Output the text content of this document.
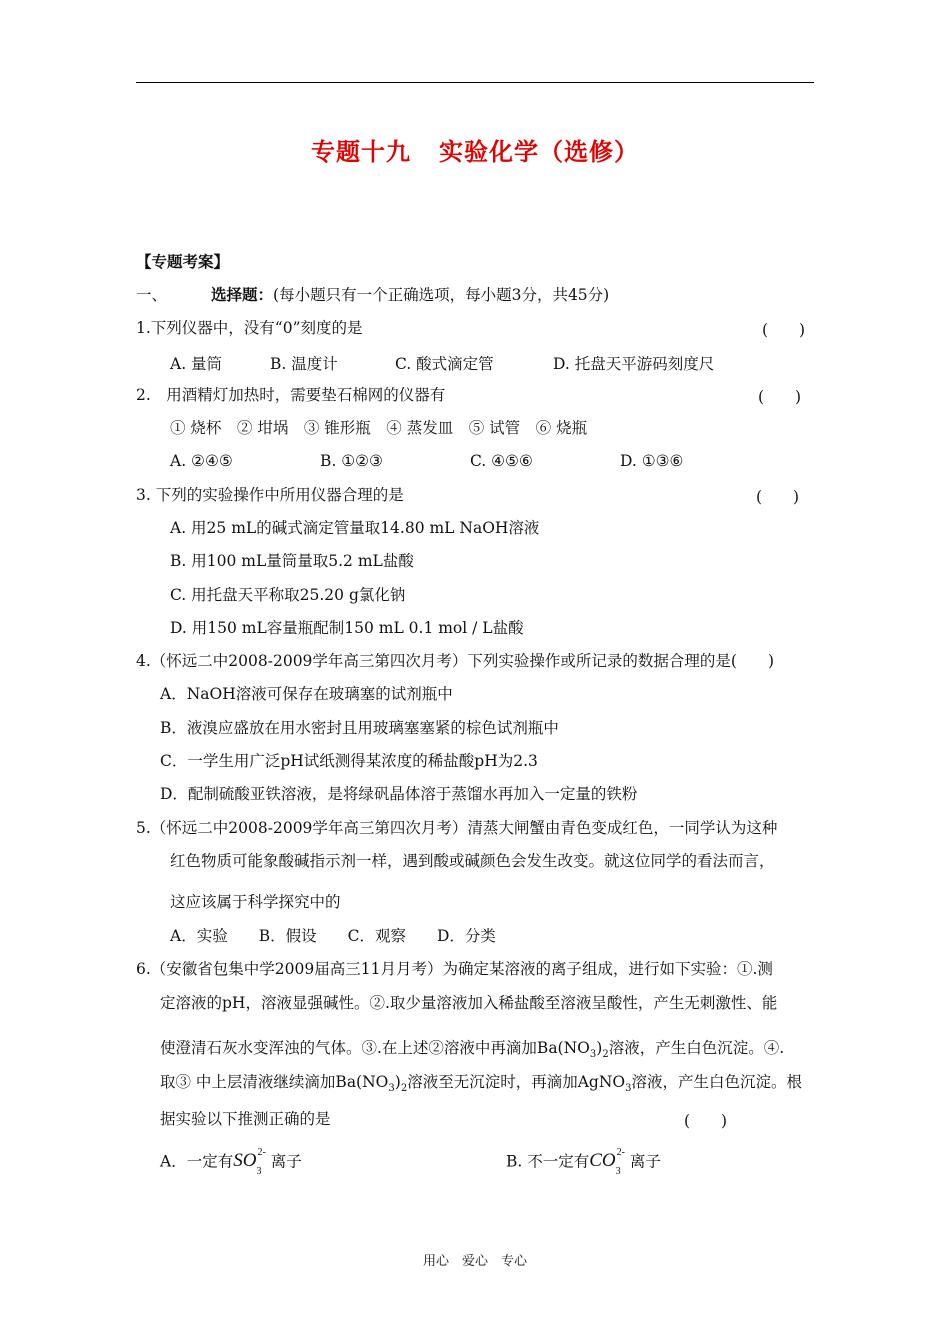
专题十九 实验化学（选修）
【专题考案】
一、	选择题：(每小题只有一个正确选项，每小题3分，共45分)
1.下列仪器中，没有“0”刻度的是	(　　)
A. 量筒	B. 温度计	C. 酸式滴定管	D. 托盘天平游码刻度尺
2.　用酒精灯加热时，需要垫石棉网的仪器有	(　　)
① 烧杯　② 坩埚　③ 锥形瓶　④ 蒸发皿　⑤ 试管　⑥ 烧瓶
A. ②④⑤	B. ①②③	C. ④⑤⑥	D. ①③⑥
3. 下列的实验操作中所用仪器合理的是	(　　)
A. 用25 mL的碱式滴定管量取14.80 mL NaOH溶液
B. 用100 mL量筒量取5.2 mL盐酸
C. 用托盘天平称取25.20 g氯化钠
D. 用150 mL容量瓶配制150 mL 0.1 mol / L盐酸
4.（怀远二中2008-2009学年高三第四次月考）下列实验操作或所记录的数据合理的是(　　)
A．NaOH溶液可保存在玻璃塞的试剂瓶中
B．液溴应盛放在用水密封且用玻璃塞塞紧的棕色试剂瓶中
C．一学生用广泛pH试纸测得某浓度的稀盐酸pH为2.3
D．配制硫酸亚铁溶液，是将绿矾晶体溶于蒸馏水再加入一定量的铁粉
5.（怀远二中2008-2009学年高三第四次月考）清蒸大闸蟹由青色变成红色，一同学认为这种
红色物质可能象酸碱指示剂一样，遇到酸或碱颜色会发生改变。就这位同学的看法而言，
这应该属于科学探究中的
A．实验　　B．假设　　C．观察　　D．分类
6.（安徽省包集中学2009届高三11月月考）为确定某溶液的离子组成，进行如下实验：①.测
定溶液的pH，溶液显强碱性。②.取少量溶液加入稀盐酸至溶液呈酸性，产生无刺激性、能
使澄清石灰水变浑浊的气体。③.在上述②溶液中再滴加$Ba(NO_3)_2$溶液，产生白色沉淀。④.
取③ 中上层清液继续滴加$Ba(NO_3)_2$溶液至无沉淀时，再滴加AgNO$_3$溶液，产生白色沉淀。根
据实验以下推测正确的是	(　　)
A．一定有$SO_3^{2-}$ 离子	B. 不一定有$CO_3^{2-}$ 离子
用心　爱心　专心
